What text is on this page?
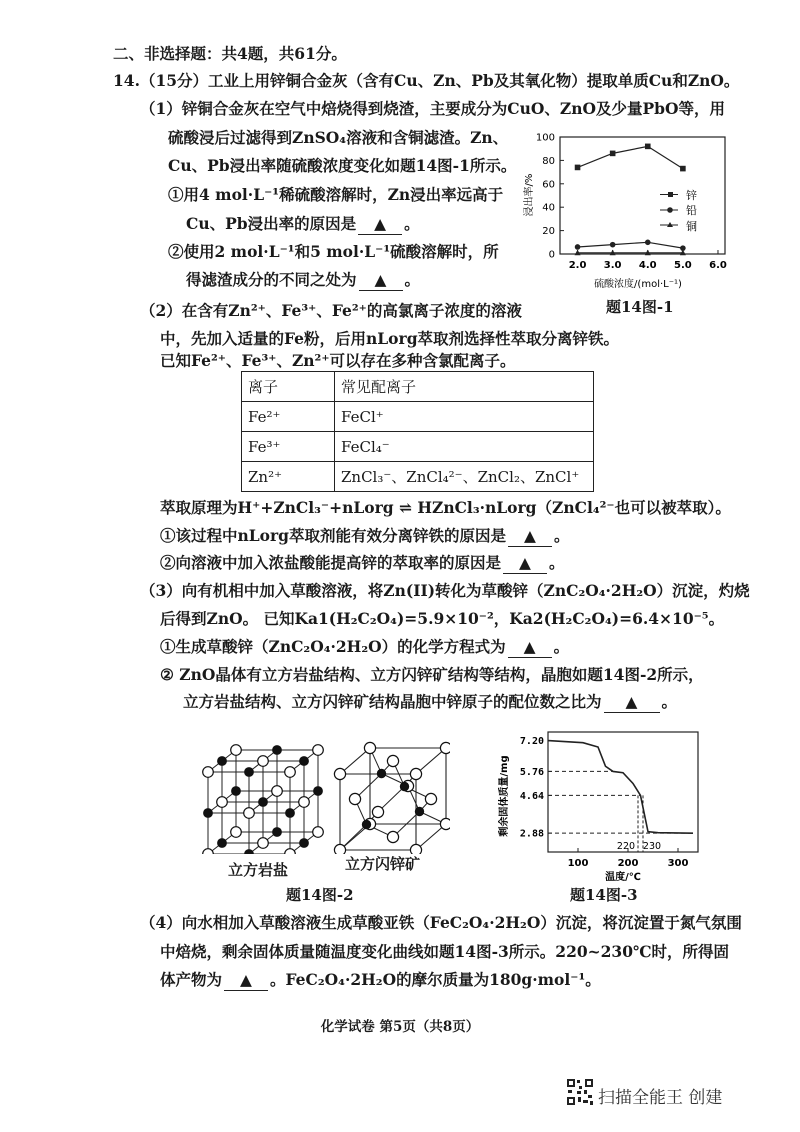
二、非选择题：共4题，共61分。
14.（15分）工业上用锌铜合金灰（含有Cu、Zn、Pb及其氧化物）提取单质Cu和ZnO。
（1）锌铜合金灰在空气中焙烧得到烧渣，主要成分为CuO、ZnO及少量PbO等，用
硫酸浸后过滤得到ZnSO₄溶液和含铜滤渣。Zn、
Cu、Pb浸出率随硫酸浓度变化如题14图-1所示。
①用4 mol·L⁻¹稀硫酸溶解时，Zn浸出率远高于
Cu、Pb浸出率的原因是 ▲ 。
②使用2 mol·L⁻¹和5 mol·L⁻¹硫酸溶解时，所
得滤渣成分的不同之处为 ▲ 。
0
20
40
60
80
100
2.0 3.0 4.0 5.0 6.0
浸出率/%
硫酸浓度/(mol·L⁻¹)
锌
铅
铜
题14图-1
（2）在含有Zn²⁺、Fe³⁺、Fe²⁺的高氯离子浓度的溶液
中，先加入适量的Fe粉，后用nLorg萃取剂选择性萃取分离锌铁。
已知Fe²⁺、Fe³⁺、Zn²⁺可以存在多种含氯配离子。
离子	常见配离子
Fe²⁺	FeCl⁺
Fe³⁺	FeCl₄⁻
Zn²⁺	ZnCl₃⁻、ZnCl₄²⁻、ZnCl₂、ZnCl⁺
萃取原理为H⁺+ZnCl₃⁻+nLorg ⇌ HZnCl₃·nLorg（ZnCl₄²⁻也可以被萃取）。
①该过程中nLorg萃取剂能有效分离锌铁的原因是 ▲ 。
②向溶液中加入浓盐酸能提高锌的萃取率的原因是 ▲ 。
（3）向有机相中加入草酸溶液，将Zn(II)转化为草酸锌（ZnC₂O₄·2H₂O）沉淀，灼烧
后得到ZnO。 已知Ka1(H₂C₂O₄)=5.9×10⁻²，Ka2(H₂C₂O₄)=6.4×10⁻⁵。
①生成草酸锌（ZnC₂O₄·2H₂O）的化学方程式为 ▲ 。
② ZnO晶体有立方岩盐结构、立方闪锌矿结构等结构，晶胞如题14图-2所示，
立方岩盐结构、立方闪锌矿结构晶胞中锌原子的配位数之比为 ▲ 。
立方岩盐	立方闪锌矿
题14图-2
7.20
5.76
4.64
2.88
100	200	300
220 230
剩余固体质量/mg
温度/℃
题14图-3
（4）向水相加入草酸溶液生成草酸亚铁（FeC₂O₄·2H₂O）沉淀，将沉淀置于氮气氛围
中焙烧，剩余固体质量随温度变化曲线如题14图-3所示。220~230℃时，所得固
体产物为 ▲ 。FeC₂O₄·2H₂O的摩尔质量为180g·mol⁻¹。
化学试卷 第5页（共8页）
扫描全能王 创建
